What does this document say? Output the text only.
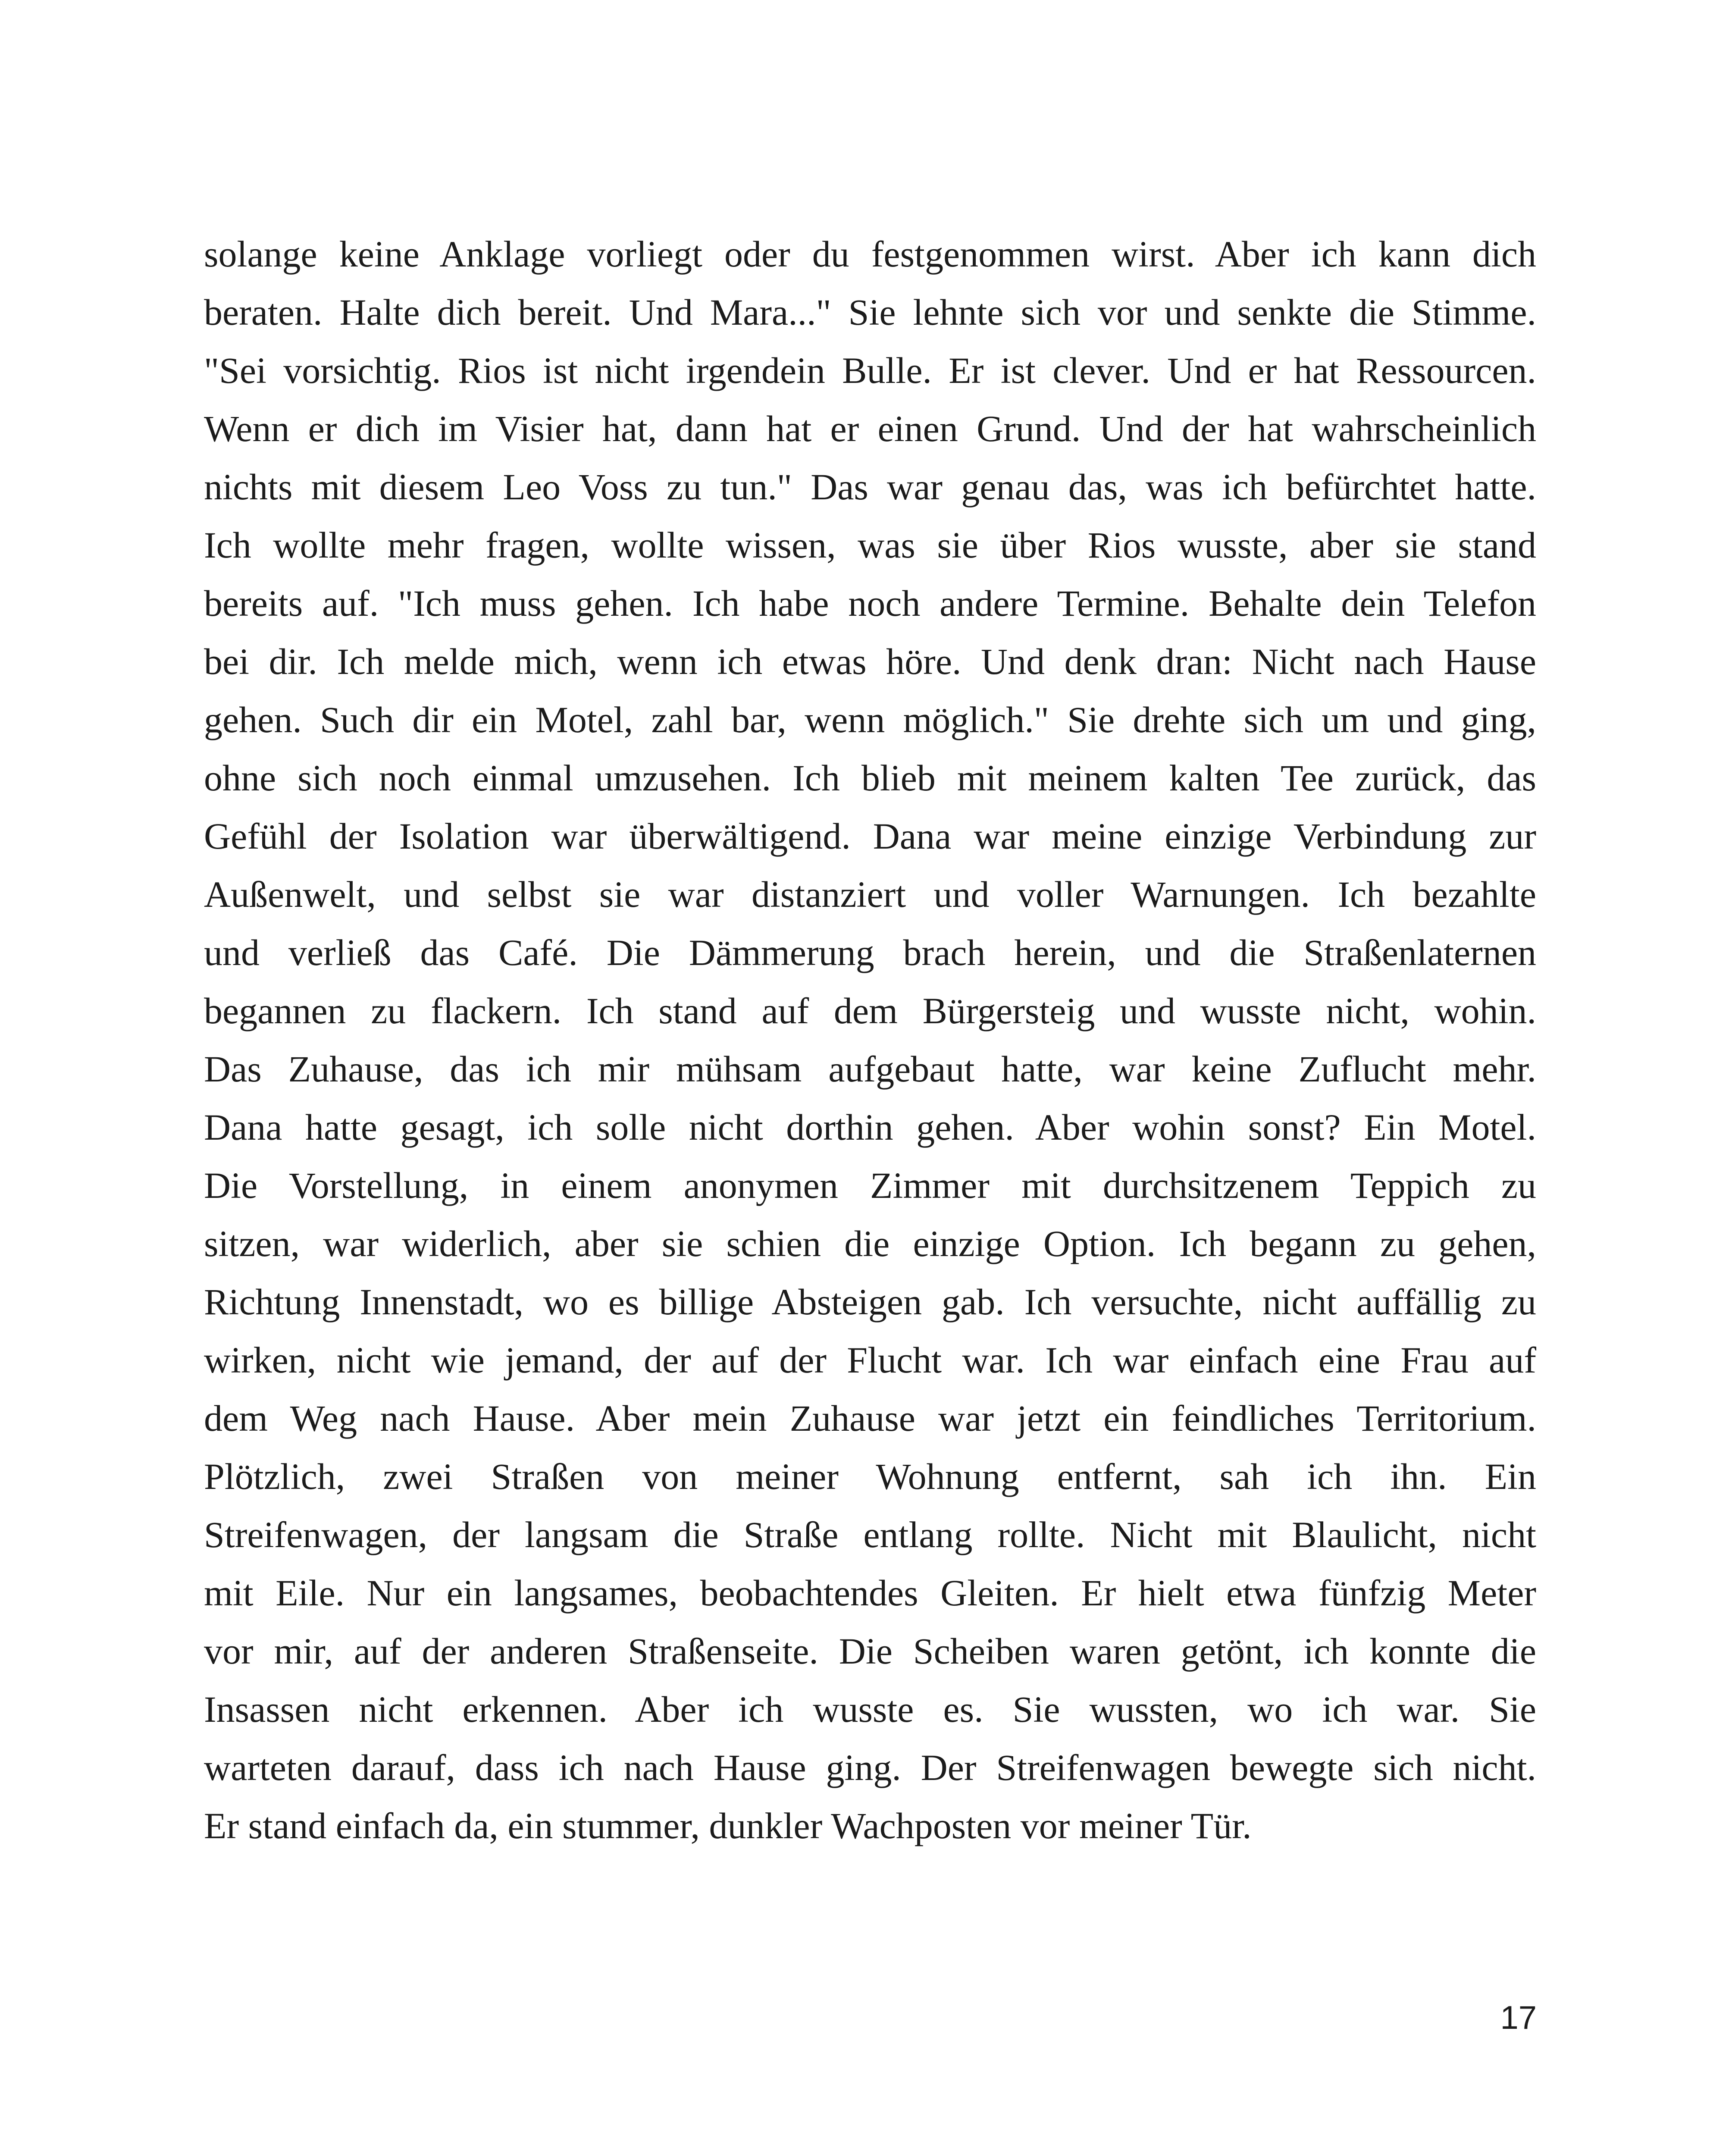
solange keine Anklage vorliegt oder du festgenommen wirst. Aber ich kann dich
beraten. Halte dich bereit. Und Mara..." Sie lehnte sich vor und senkte die Stimme.
"Sei vorsichtig. Rios ist nicht irgendein Bulle. Er ist clever. Und er hat Ressourcen.
Wenn er dich im Visier hat, dann hat er einen Grund. Und der hat wahrscheinlich
nichts mit diesem Leo Voss zu tun." Das war genau das, was ich befürchtet hatte.
Ich wollte mehr fragen, wollte wissen, was sie über Rios wusste, aber sie stand
bereits auf. "Ich muss gehen. Ich habe noch andere Termine. Behalte dein Telefon
bei dir. Ich melde mich, wenn ich etwas höre. Und denk dran: Nicht nach Hause
gehen. Such dir ein Motel, zahl bar, wenn möglich." Sie drehte sich um und ging,
ohne sich noch einmal umzusehen. Ich blieb mit meinem kalten Tee zurück, das
Gefühl der Isolation war überwältigend. Dana war meine einzige Verbindung zur
Außenwelt, und selbst sie war distanziert und voller Warnungen. Ich bezahlte
und verließ das Café. Die Dämmerung brach herein, und die Straßenlaternen
begannen zu flackern. Ich stand auf dem Bürgersteig und wusste nicht, wohin.
Das Zuhause, das ich mir mühsam aufgebaut hatte, war keine Zuflucht mehr.
Dana hatte gesagt, ich solle nicht dorthin gehen. Aber wohin sonst? Ein Motel.
Die Vorstellung, in einem anonymen Zimmer mit durchsitzenem Teppich zu
sitzen, war widerlich, aber sie schien die einzige Option. Ich begann zu gehen,
Richtung Innenstadt, wo es billige Absteigen gab. Ich versuchte, nicht auffällig zu
wirken, nicht wie jemand, der auf der Flucht war. Ich war einfach eine Frau auf
dem Weg nach Hause. Aber mein Zuhause war jetzt ein feindliches Territorium.
Plötzlich, zwei Straßen von meiner Wohnung entfernt, sah ich ihn. Ein
Streifenwagen, der langsam die Straße entlang rollte. Nicht mit Blaulicht, nicht
mit Eile. Nur ein langsames, beobachtendes Gleiten. Er hielt etwa fünfzig Meter
vor mir, auf der anderen Straßenseite. Die Scheiben waren getönt, ich konnte die
Insassen nicht erkennen. Aber ich wusste es. Sie wussten, wo ich war. Sie
warteten darauf, dass ich nach Hause ging. Der Streifenwagen bewegte sich nicht.
Er stand einfach da, ein stummer, dunkler Wachposten vor meiner Tür.

17
